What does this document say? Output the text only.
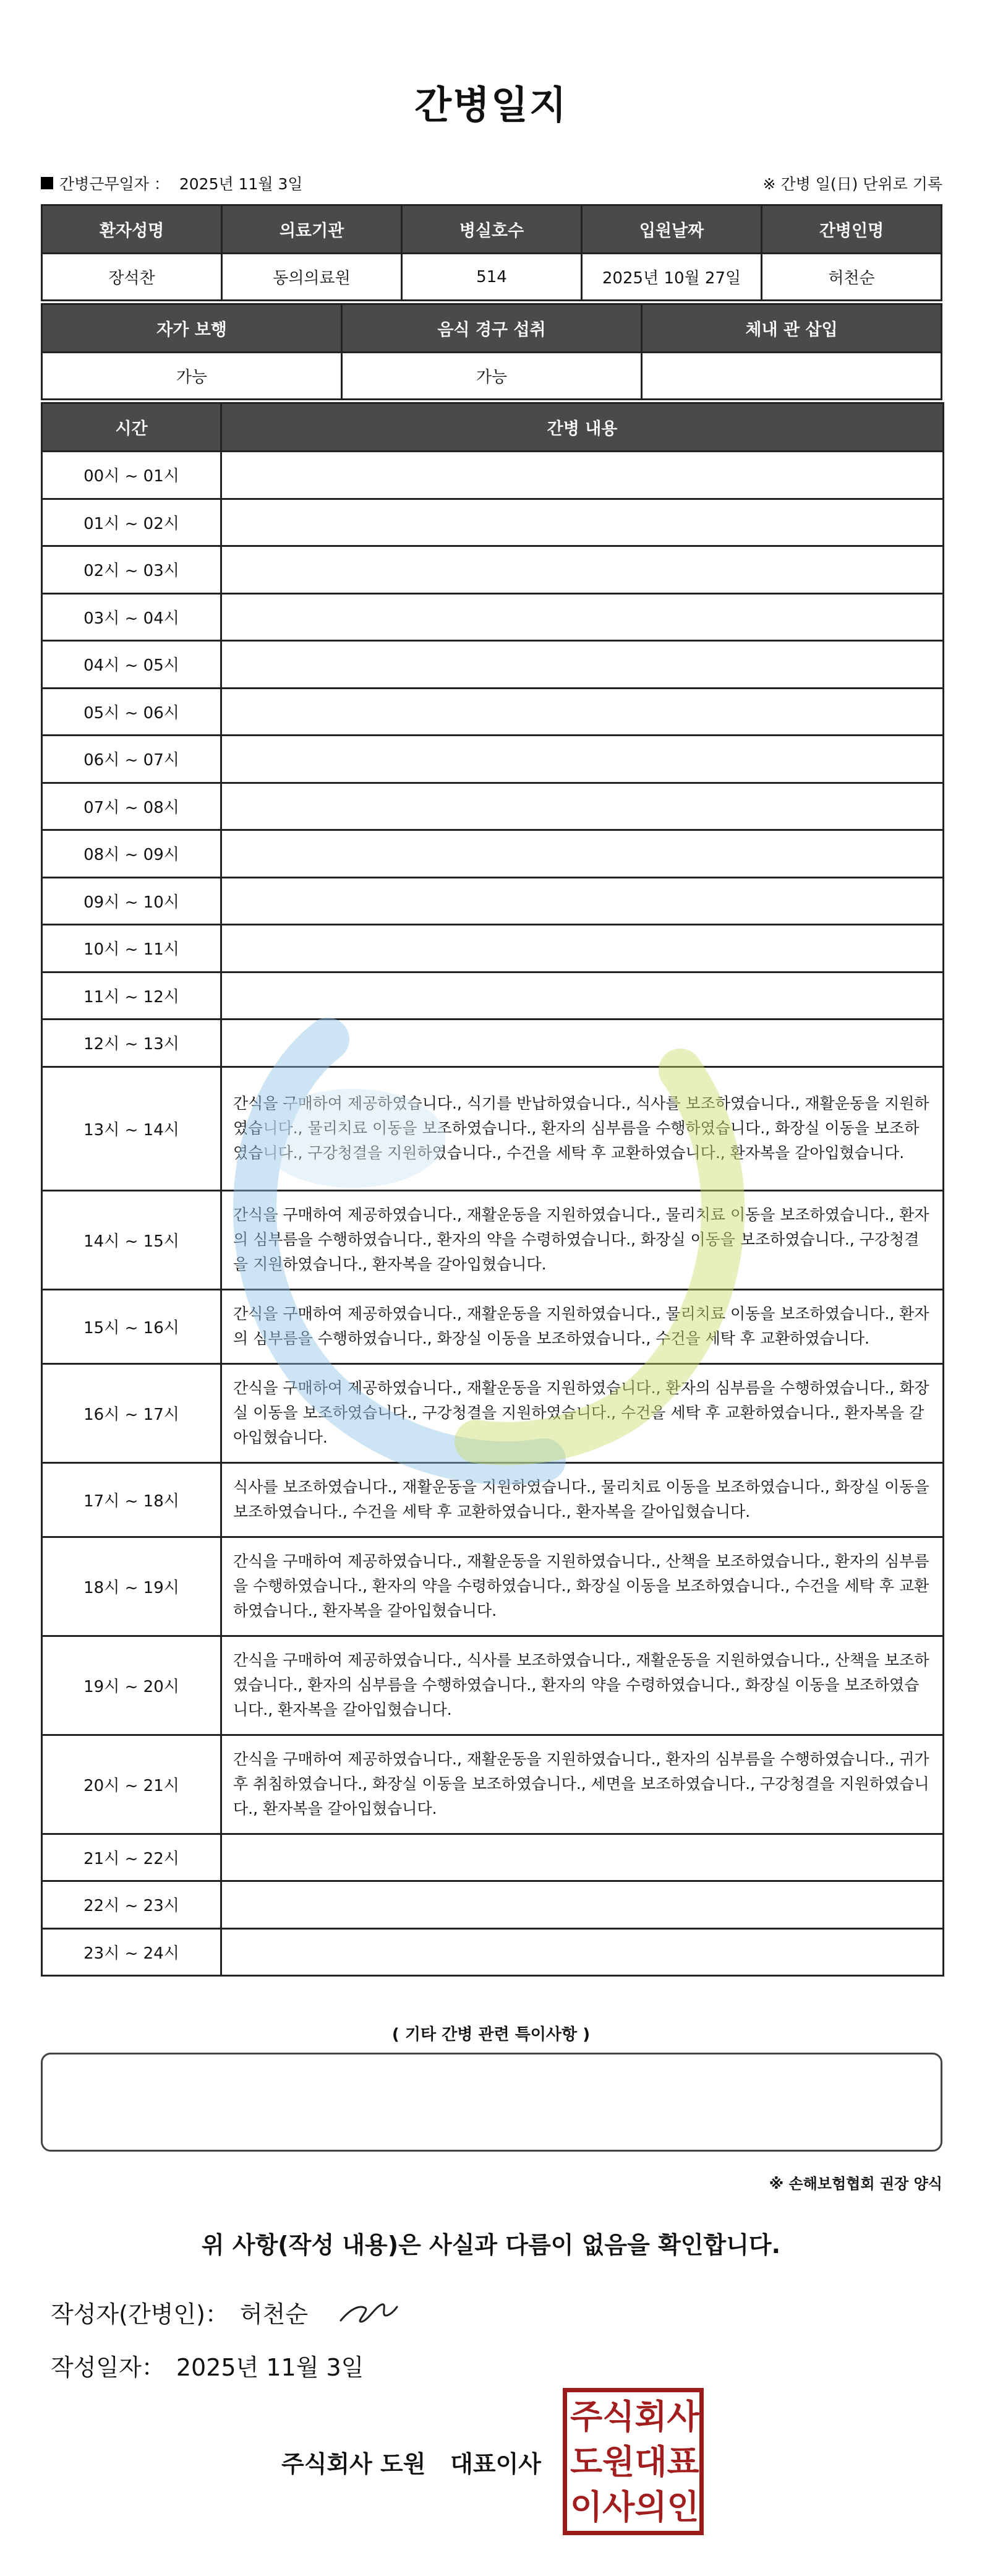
간병일지
간병근무일자 ： 2025년 11월 3일	※ 간병 일(日) 단위로 기록
환자성명	의료기관	병실호수	입원날짜	간병인명
장석찬	동의의료원	514	2025년 10월 27일	허천순
자가 보행	음식 경구 섭취	체내 관 삽입
가능	가능	
시간	간병 내용
00시 ~ 01시	
01시 ~ 02시	
02시 ~ 03시	
03시 ~ 04시	
04시 ~ 05시	
05시 ~ 06시	
06시 ~ 07시	
07시 ~ 08시	
08시 ~ 09시	
09시 ~ 10시	
10시 ~ 11시	
11시 ~ 12시	
12시 ~ 13시	
13시 ~ 14시	간식을 구매하여 제공하였습니다., 식기를 반납하였습니다., 식사를 보조하였습니다., 재활운동을 지원하였습니다., 물리치료 이동을 보조하였습니다., 환자의 심부름을 수행하였습니다., 화장실 이동을 보조하였습니다., 구강청결을 지원하였습니다., 수건을 세탁 후 교환하였습니다., 환자복을 갈아입혔습니다.
14시 ~ 15시	간식을 구매하여 제공하였습니다., 재활운동을 지원하였습니다., 물리치료 이동을 보조하였습니다., 환자의 심부름을 수행하였습니다., 환자의 약을 수령하였습니다., 화장실 이동을 보조하였습니다., 구강청결을 지원하였습니다., 환자복을 갈아입혔습니다.
15시 ~ 16시	간식을 구매하여 제공하였습니다., 재활운동을 지원하였습니다., 물리치료 이동을 보조하였습니다., 환자의 심부름을 수행하였습니다., 화장실 이동을 보조하였습니다., 수건을 세탁 후 교환하였습니다.
16시 ~ 17시	간식을 구매하여 제공하였습니다., 재활운동을 지원하였습니다., 환자의 심부름을 수행하였습니다., 화장실 이동을 보조하였습니다., 구강청결을 지원하였습니다., 수건을 세탁 후 교환하였습니다., 환자복을 갈아입혔습니다.
17시 ~ 18시	식사를 보조하였습니다., 재활운동을 지원하였습니다., 물리치료 이동을 보조하였습니다., 화장실 이동을 보조하였습니다., 수건을 세탁 후 교환하였습니다., 환자복을 갈아입혔습니다.
18시 ~ 19시	간식을 구매하여 제공하였습니다., 재활운동을 지원하였습니다., 산책을 보조하였습니다., 환자의 심부름을 수행하였습니다., 환자의 약을 수령하였습니다., 화장실 이동을 보조하였습니다., 수건을 세탁 후 교환하였습니다., 환자복을 갈아입혔습니다.
19시 ~ 20시	간식을 구매하여 제공하였습니다., 식사를 보조하였습니다., 재활운동을 지원하였습니다., 산책을 보조하였습니다., 환자의 심부름을 수행하였습니다., 환자의 약을 수령하였습니다., 화장실 이동을 보조하였습니다., 환자복을 갈아입혔습니다.
20시 ~ 21시	간식을 구매하여 제공하였습니다., 재활운동을 지원하였습니다., 환자의 심부름을 수행하였습니다., 귀가 후 취침하였습니다., 화장실 이동을 보조하였습니다., 세면을 보조하였습니다., 구강청결을 지원하였습니다., 환자복을 갈아입혔습니다.
21시 ~ 22시	
22시 ~ 23시	
23시 ~ 24시	
( 기타 간병 관련 특이사항 )
※ 손해보험협회 권장 양식
위 사항(작성 내용)은 사실과 다름이 없음을 확인합니다.
작성자(간병인)： 허천순
작성일자： 2025년 11월 3일
주식회사 도원   대표이사
주 식 회 사
도 원 대 표
이 사 의 인
